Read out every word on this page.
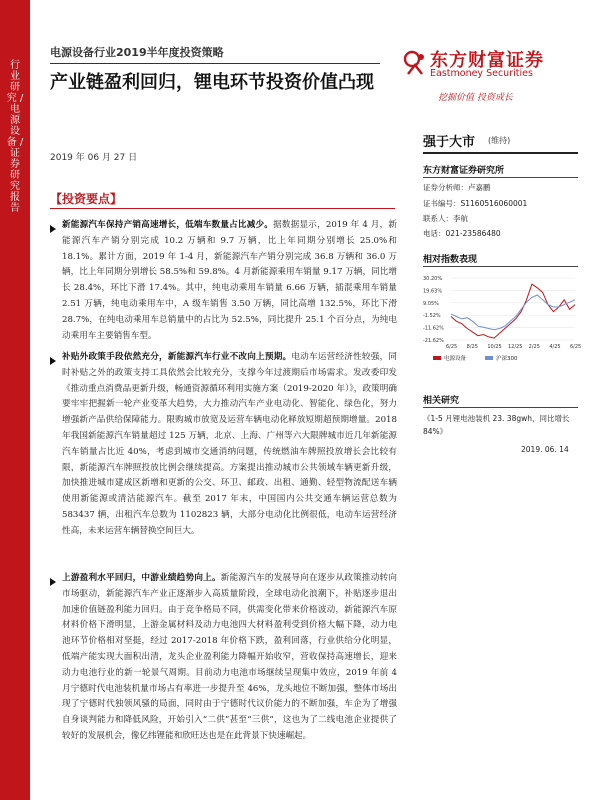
行业研究 / 电源设备 / 证券研究报告
电源设备行业2019半年度投资策略
产业链盈利回归，锂电环节投资价值凸现
2019 年 06 月 27 日
东方财富证券
Eastmoney Securities
挖掘价值 投资成长
强于大市 (维持)
东方财富证券研究所
证券分析师：卢嘉鹏
证书编号：S1160516060001
联系人：李航
电话：021-23586480
相对指数表现
30.20%
19.63%
9.05%
-1.52%
-11.62%
-21.62%
6/25 8/25 10/25 12/25 2/25 4/25 6/25
电源设备	沪深300
相关研究
《1-5 月锂电池装机 23. 38gwh，同比增长 84%》
2019. 06. 14
【投资要点】
新能源汽车保持产销高速增长，低端车数量占比减少。据数据显示，2019 年 4 月，新能源汽车产销分别完成 10.2 万辆和 9.7 万辆，比上年同期分别增长 25.0%和 18.1%。累计方面，2019 年 1-4 月，新能源汽车产销分别完成 36.8 万辆和 36.0 万辆，比上年同期分别增长 58.5%和 59.8%。4 月新能源乘用车销量 9.17 万辆，同比增长 28.4%，环比下滑 17.4%。其中，纯电动乘用车销量 6.66 万辆，插混乘用车销量 2.51 万辆，纯电动乘用车中，A 级车销售 3.50 万辆，同比高增 132.5%，环比下滑 28.7%，在纯电动乘用车总销量中的占比为 52.5%，同比提升 25.1 个百分点，为纯电动乘用车主要销售车型。
补贴外政策手段依然充分，新能源汽车行业不改向上预期。电动车运营经济性较强，同时补贴之外的政策支持工具依然会比较充分，支撑今年过渡期后市场需求。发改委印发《推动重点消费品更新升级，畅通资源循环利用实施方案（2019-2020 年）》，政策明确要牢牢把握新一轮产业变革大趋势，大力推动汽车产业电动化、智能化、绿色化，努力增强新产品供给保障能力。限购城市放宽及运营车辆电动化释放短期超预期增量。2018 年我国新能源汽车销量超过 125 万辆，北京、上海、广州等六大限牌城市近几年新能源汽车销量占比近 40%，考虑到城市交通消纳问题，传统燃油车牌照投放增长会比较有限，新能源汽车牌照投放比例会继续提高。方案提出推动城市公共领域车辆更新升级，加快推进城市建成区新增和更新的公交、环卫、邮政、出租、通勤、轻型物流配送车辆使用新能源或清洁能源汽车。截至 2017 年末，中国国内公共交通车辆运营总数为 583437 辆，出租汽车总数为 1102823 辆，大部分电动化比例很低，电动车运营经济性高，未来运营车辆替换空间巨大。
上游盈利水平回归，中游业绩趋势向上。新能源汽车的发展导向在逐步从政策推动转向市场驱动，新能源汽车产业正逐渐步入高质量阶段，全球电动化浪潮下，补贴逐步退出加速价值链盈利能力回归。由于竞争格局不同，供需变化带来价格波动，新能源汽车原材料价格下滑明显，上游金属材料及动力电池四大材料盈利受到价格大幅下降，动力电池环节价格相对坚挺，经过 2017-2018 年价格下跌，盈利回落，行业供给分化明显，低端产能实现大面积出清，龙头企业盈利能力降幅开始收窄，营收保持高速增长，迎来动力电池行业的新一轮景气周期。目前动力电池市场继续呈现集中效应，2019 年前 4 月宁德时代电池装机量市场占有率进一步提升至 46%，龙头地位不断加强，整体市场出现了宁德时代独领风骚的局面，同时由于宁德时代议价能力的不断加强，车企为了增强自身谈判能力和降低风险，开始引入“二供”甚至“三供”，这也为了二线电池企业提供了较好的发展机会，像亿纬锂能和欣旺达也是在此背景下快速崛起。
